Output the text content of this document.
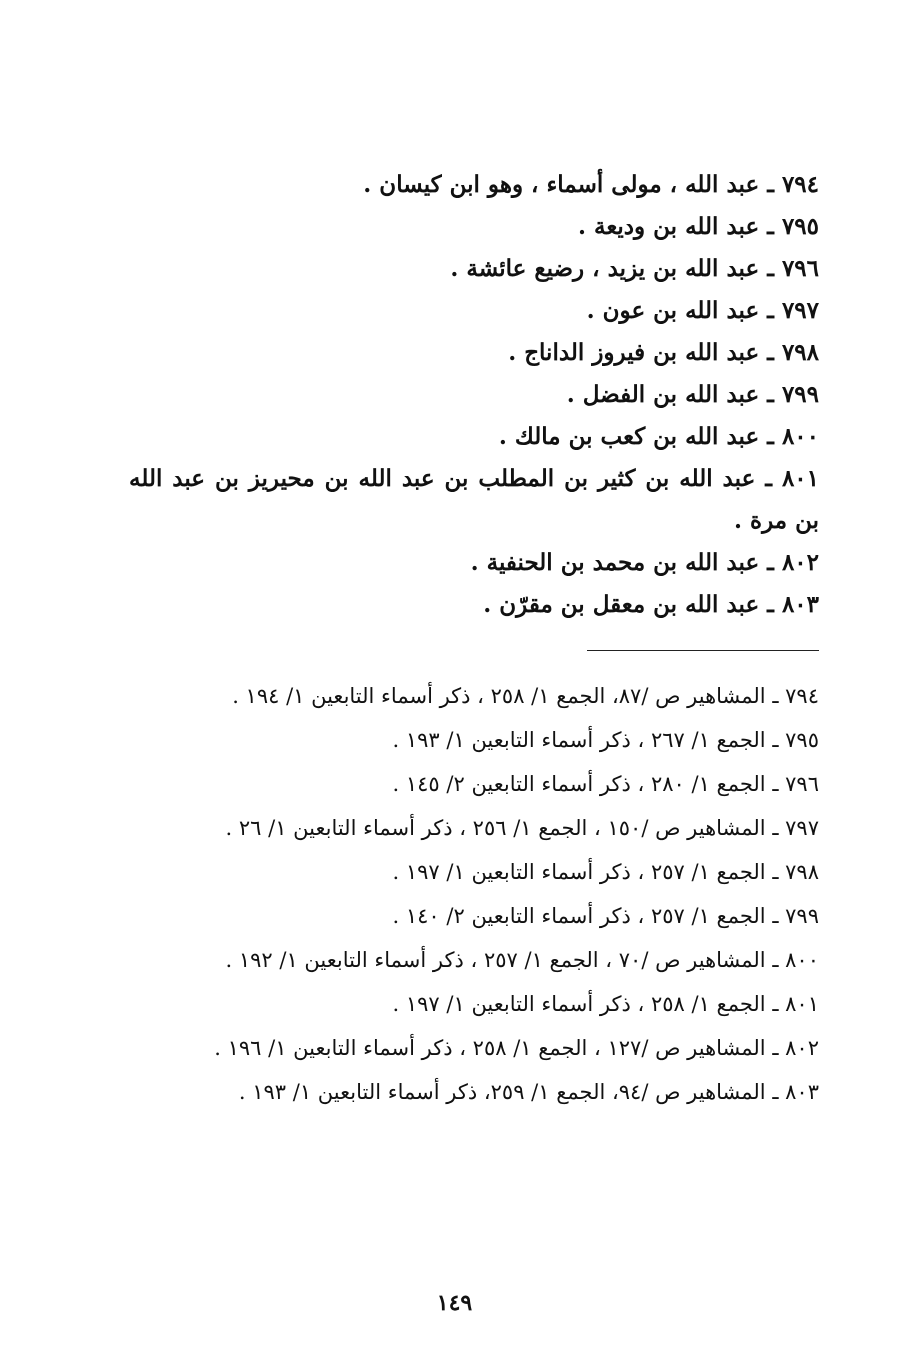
٧٩٤ ـ عبد الله ، مولى أسماء ، وهو ابن كيسان .

٧٩٥ ـ عبد الله بن وديعة .

٧٩٦ ـ عبد الله بن يزيد ، رضيع عائشة .

٧٩٧ ـ عبد الله بن عون .

٧٩٨ ـ عبد الله بن فيروز الداناج .

٧٩٩ ـ عبد الله بن الفضل .

٨٠٠ ـ عبد الله بن كعب بن مالك .

٨٠١ ـ عبد الله بن كثير بن المطلب بن عبد الله بن محيريز بن عبد الله بن مرة .

٨٠٢ ـ عبد الله بن محمد بن الحنفية .

٨٠٣ ـ عبد الله بن معقل بن مقرّن .

٧٩٤ ـ المشاهير ص /٨٧، الجمع ١/ ٢٥٨ ، ذكر أسماء التابعين ١/ ١٩٤ .

٧٩٥ ـ الجمع ١/ ٢٦٧ ، ذكر أسماء التابعين ١/ ١٩٣ .

٧٩٦ ـ الجمع ١/ ٢٨٠ ، ذكر أسماء التابعين ٢/ ١٤٥ .

٧٩٧ ـ المشاهير ص /١٥٠ ، الجمع ١/ ٢٥٦ ، ذكر أسماء التابعين ١/ ٢٦ .

٧٩٨ ـ الجمع ١/ ٢٥٧ ، ذكر أسماء التابعين ١/ ١٩٧ .

٧٩٩ ـ الجمع ١/ ٢٥٧ ، ذكر أسماء التابعين ٢/ ١٤٠ .

٨٠٠ ـ المشاهير ص /٧٠ ، الجمع ١/ ٢٥٧ ، ذكر أسماء التابعين ١/ ١٩٢ .

٨٠١ ـ الجمع ١/ ٢٥٨ ، ذكر أسماء التابعين ١/ ١٩٧ .

٨٠٢ ـ المشاهير ص /١٢٧ ، الجمع ١/ ٢٥٨ ، ذكر أسماء التابعين ١/ ١٩٦ .

٨٠٣ ـ المشاهير ص /٩٤، الجمع ١/ ٢٥٩، ذكر أسماء التابعين ١/ ١٩٣ .

١٤٩
